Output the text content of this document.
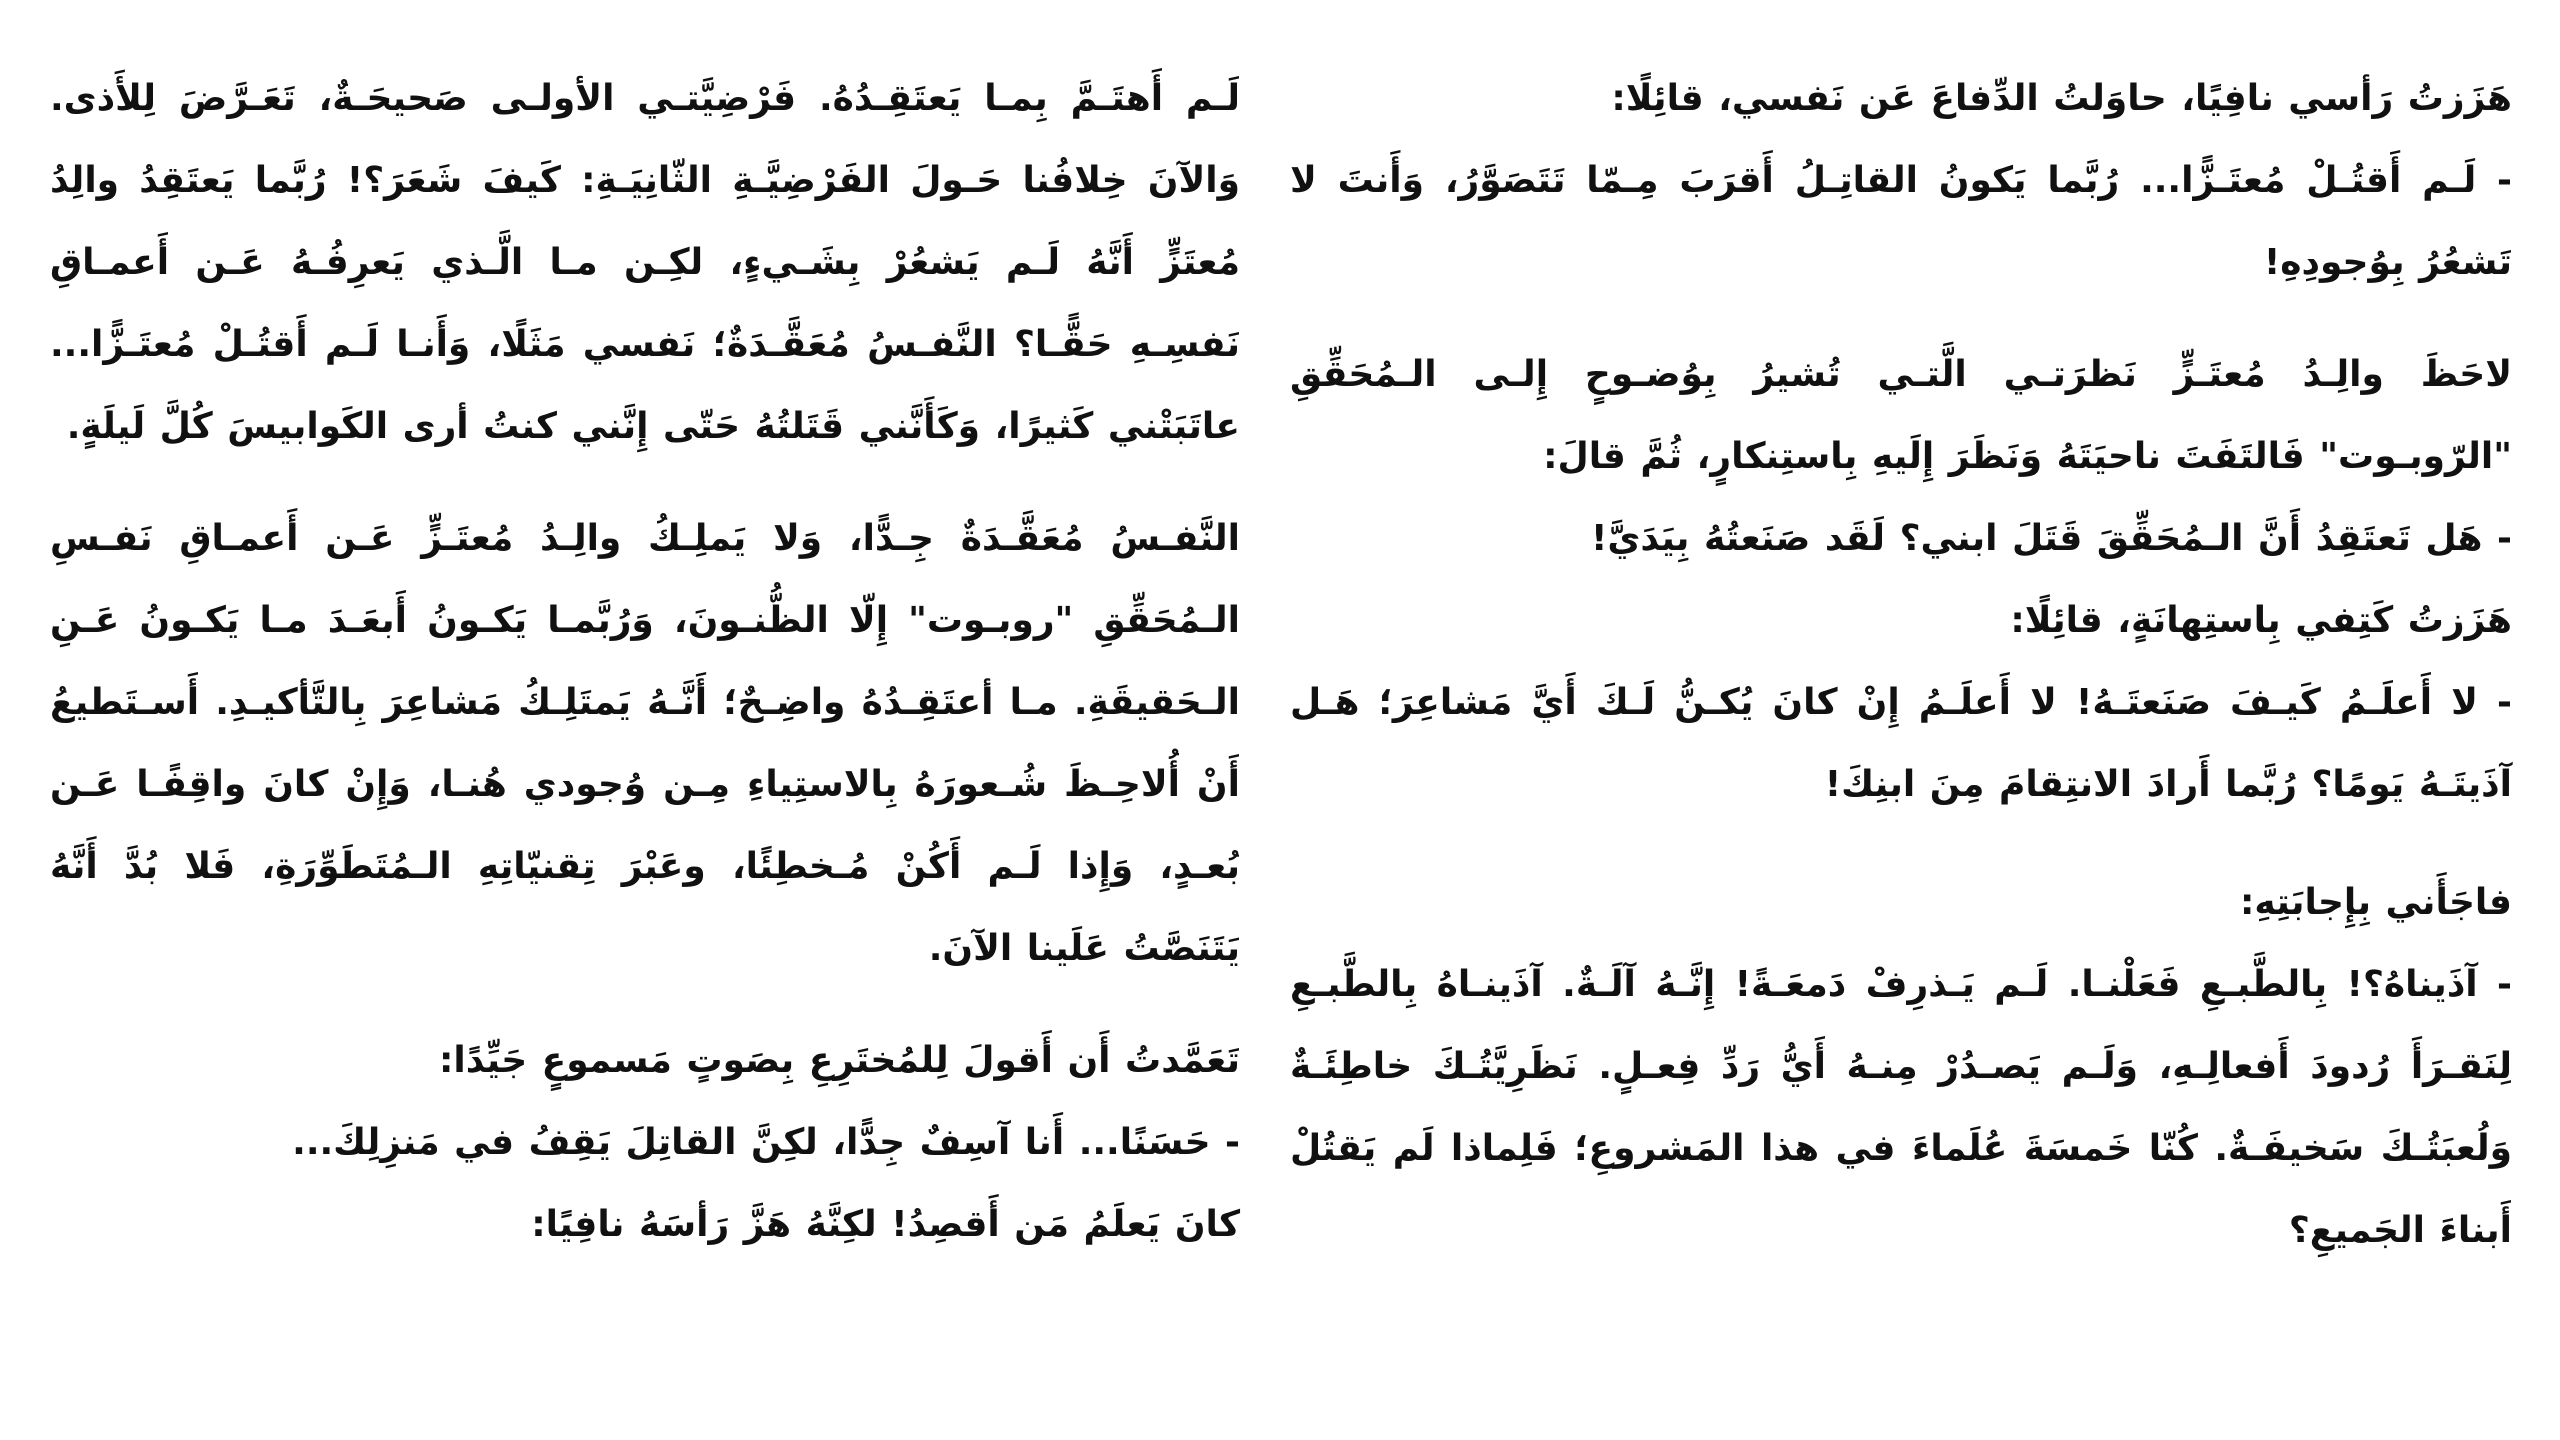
هَزَزتُ رَأسي نافِيًا، حاوَلتُ الدِّفاعَ عَن نَفسي، قائِلًا:

- لَـم أَقتُـلْ مُعتَـزًّا... رُبَّما يَكونُ القاتِـلُ أَقرَبَ مِـمّا تَتَصَوَّرُ، وَأَنتَ لا تَشعُرُ بِوُجودِهِ!

لاحَظَ والِـدُ مُعتَـزٍّ نَظرَتـي الَّتـي تُشيرُ بِوُضـوحٍ إِلـى الـمُحَقِّقِ "الرّوبـوت" فَالتَفَتَ ناحيَتَهُ وَنَظَرَ إِلَيهِ بِاستِنكارٍ، ثُمَّ قالَ:

- هَل تَعتَقِدُ أَنَّ الـمُحَقِّقَ قَتَلَ ابني؟ لَقَد صَنَعتُهُ بِيَدَيَّ!

هَزَزتُ كَتِفي بِاستِهانَةٍ، قائِلًا:

- لا أَعلَـمُ كَيـفَ صَنَعتَـهُ! لا أَعلَـمُ إِنْ كانَ يُكـنُّ لَـكَ أَيَّ مَشاعِرَ؛ هَـل آذَيتَـهُ يَومًا؟ رُبَّما أَرادَ الانتِقامَ مِنَ ابنِكَ!

فاجَأَني بِإِجابَتِهِ:

- آذَيناهُ؟! بِالطَّبـعِ فَعَلْنـا. لَـم يَـذرِفْ دَمعَـةً! إِنَّـهُ آلَـةٌ. آذَينـاهُ بِالطَّبـعِ لِنَقـرَأَ رُدودَ أَفعالِـهِ، وَلَـم يَصـدُرْ مِنـهُ أَيُّ رَدِّ فِعـلٍ. نَظَرِيَّتُـكَ خاطِئَـةٌ وَلُعبَتُـكَ سَخيفَـةٌ. كُنّا خَمسَةَ عُلَماءَ في هذا المَشروعِ؛ فَلِماذا لَم يَقتُلْ أَبناءَ الجَميعِ؟

لَـم أَهتَـمَّ بِمـا يَعتَقِـدُهُ. فَرْضِيَّتـي الأولـى صَحيحَـةٌ، تَعَـرَّضَ لِلأَذى. وَالآنَ خِلافُنا حَـولَ الفَرْضِيَّـةِ الثّانِيَـةِ: كَيفَ شَعَرَ؟! رُبَّما يَعتَقِدُ والِدُ مُعتَزٍّ أَنَّهُ لَـم يَشعُرْ بِشَـيءٍ، لكِـن مـا الَّـذي يَعرِفُـهُ عَـن أَعمـاقِ نَفسِـهِ حَقًّـا؟ النَّفـسُ مُعَقَّـدَةٌ؛ نَفسي مَثَلًا، وَأَنـا لَـم أَقتُـلْ مُعتَـزًّا... عاتَبَتْني كَثيرًا، وَكَأَنَّني قَتَلتُهُ حَتّى إِنَّني كنتُ أرى الكَوابيسَ كُلَّ لَيلَةٍ.

النَّفـسُ مُعَقَّـدَةٌ جِـدًّا، وَلا يَملِـكُ والِـدُ مُعتَـزٍّ عَـن أَعمـاقِ نَفـسِ الـمُحَقِّقِ "روبـوت" إِلّا الظُّنـونَ، وَرُبَّمـا يَكـونُ أَبعَـدَ مـا يَكـونُ عَـنِ الـحَقيقَةِ. مـا أعتَقِـدُهُ واضِـحٌ؛ أَنَّـهُ يَمتَلِـكُ مَشاعِرَ بِالتَّأكيـدِ. أَسـتَطيعُ أَنْ أُلاحِـظَ شُـعورَهُ بِالاستِياءِ مِـن وُجودي هُنـا، وَإِنْ كانَ واقِفًـا عَـن بُعـدٍ، وَإِذا لَـم أَكُنْ مُـخطِئًا، وعَبْرَ تِقنيّاتِهِ الـمُتَطَوِّرَةِ، فَلا بُدَّ أَنَّهُ يَتَنَصَّتُ عَلَينا الآنَ.

تَعَمَّدتُ أَن أَقولَ لِلمُختَرِعِ بِصَوتٍ مَسموعٍ جَيِّدًا:

- حَسَنًا... أَنا آسِفٌ جِدًّا، لكِنَّ القاتِلَ يَقِفُ في مَنزِلِكَ...

كانَ يَعلَمُ مَن أَقصِدُ! لكِنَّهُ هَزَّ رَأسَهُ نافِيًا:
